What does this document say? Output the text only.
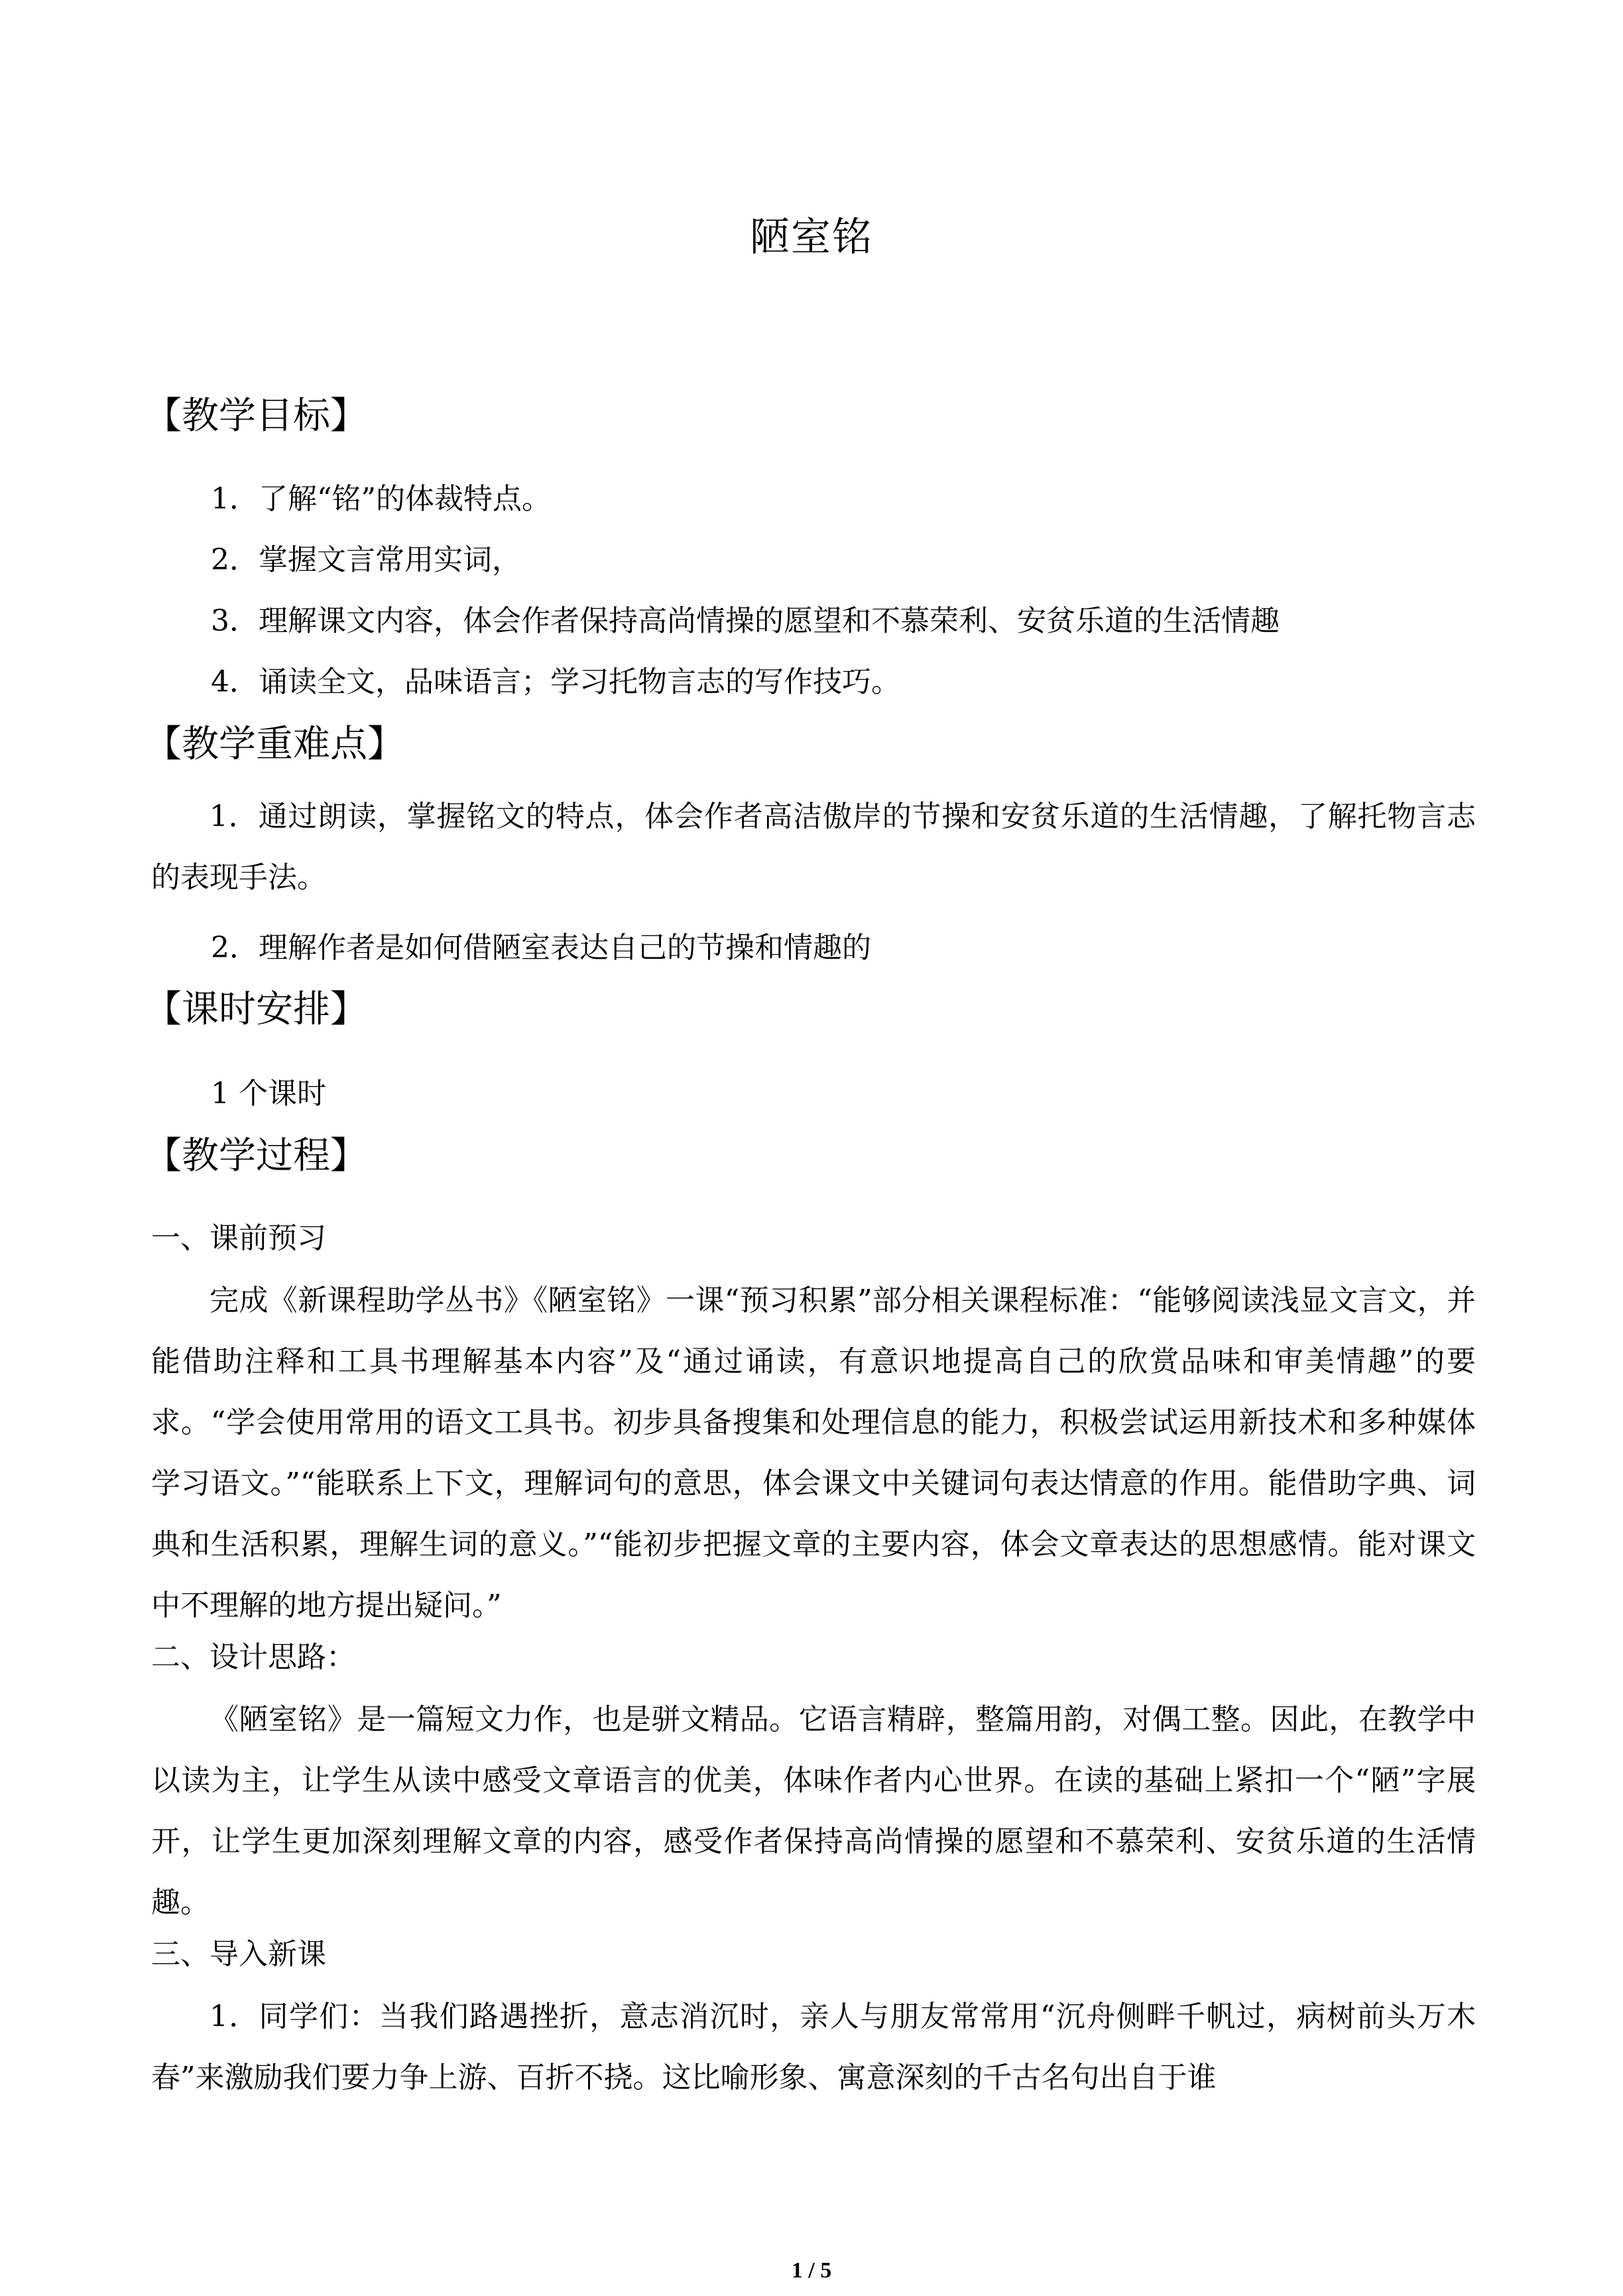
陋室铭
【教学目标】
1．了解“铭”的体裁特点。
2．掌握文言常用实词，
3．理解课文内容，体会作者保持高尚情操的愿望和不慕荣利、安贫乐道的生活情趣
4．诵读全文，品味语言；学习托物言志的写作技巧。
【教学重难点】

1．通过朗读，掌握铭文的特点，体会作者高洁傲岸的节操和安贫乐道的生活情趣，了解托物言志的表现手法。

2．理解作者是如何借陋室表达自己的节操和情趣的
【课时安排】
1 个课时
【教学过程】
一、课前预习

完成《新课程助学丛书》《陋室铭》一课“预习积累”部分相关课程标准：“能够阅读浅显文言文，并能借助注释和工具书理解基本内容”及“通过诵读，有意识地提高自己的欣赏品味和审美情趣”的要求。“学会使用常用的语文工具书。初步具备搜集和处理信息的能力，积极尝试运用新技术和多种媒体学习语文。”“能联系上下文，理解词句的意思，体会课文中关键词句表达情意的作用。能借助字典、词典和生活积累，理解生词的意义。”“能初步把握文章的主要内容，体会文章表达的思想感情。能对课文中不理解的地方提出疑问。”

二、设计思路：

《陋室铭》是一篇短文力作，也是骈文精品。它语言精辟，整篇用韵，对偶工整。因此，在教学中以读为主，让学生从读中感受文章语言的优美，体味作者内心世界。在读的基础上紧扣一个“陋”字展开，让学生更加深刻理解文章的内容，感受作者保持高尚情操的愿望和不慕荣利、安贫乐道的生活情趣。

三、导入新课

1．同学们：当我们路遇挫折，意志消沉时，亲人与朋友常常用“沉舟侧畔千帆过，病树前头万木春”来激励我们要力争上游、百折不挠。这比喻形象、寓意深刻的千古名句出自于谁

1 / 5
